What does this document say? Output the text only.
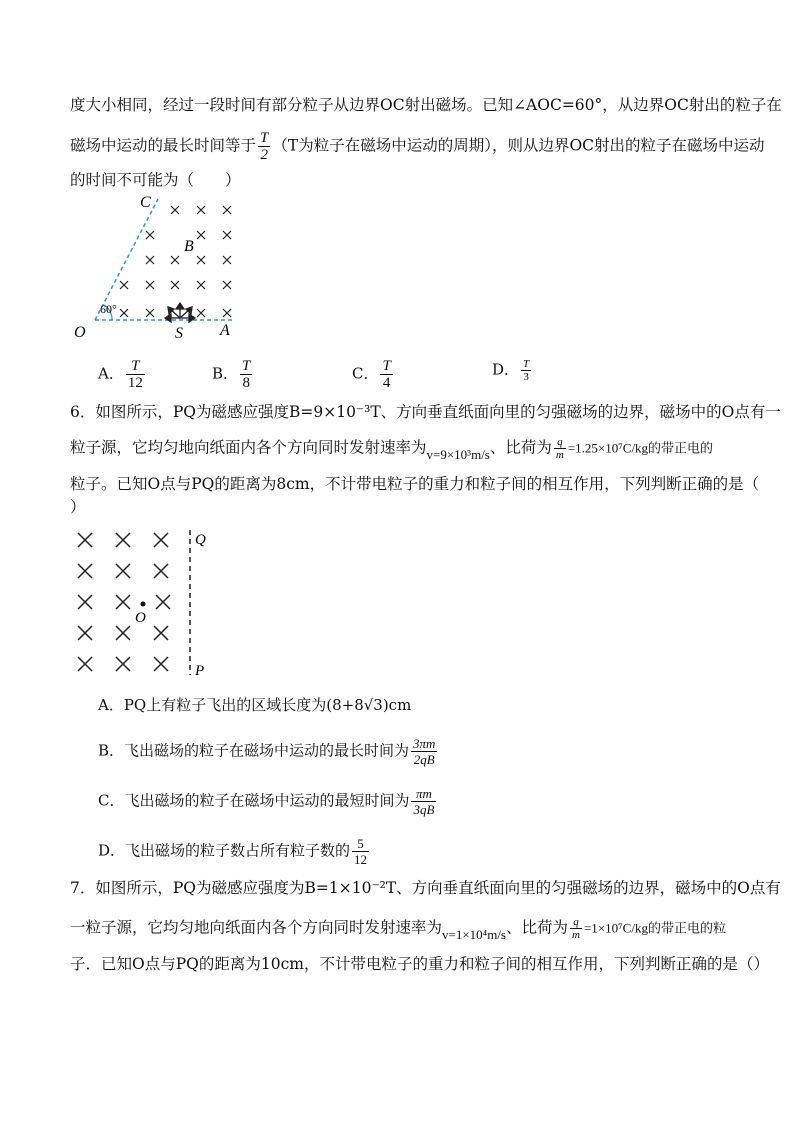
度大小相同，经过一段时间有部分粒子从边界OC射出磁场。已知∠AOC=60°，从边界OC射出的粒子在
磁场中运动的最长时间等于 $\frac{T}{2} (T$为粒子在磁场中运动的周期），则从边界OC射出的粒子在磁场中运动
的时间不可能为（　　）
C
B
O	S A
60°
A． $\frac{T}{12}$	B． $\frac{T}{8}$	C． $\frac{T}{4}$	D． $\frac{T}{3}$
6．如图所示，PQ为磁感应强度B=9×10⁻³T、方向垂直纸面向里的匀强磁场的边界，磁场中的O点有一
粒子源，它均匀地向纸面内各个方向同时发射速率为$_{v=9\times 10^3m/s}$、比荷为 $\frac{q}{m} =1.25\times 10^7C/kg$的带正电的
粒子。已知O点与PQ的距离为8cm，不计带电粒子的重力和粒子间的相互作用，下列判断正确的是（
）
O
Q
P
A．PQ上有粒子飞出的区域长度为(8+8√3)cm
B．飞出磁场的粒子在磁场中运动的最长时间为 $\frac{3\pi m}{2qB}$
C．飞出磁场的粒子在磁场中运动的最短时间为 $\frac{\pi m}{3qB}$
D．飞出磁场的粒子数占所有粒子数的 $\frac{5}{12}$
7．如图所示，PQ为磁感应强度为B=1×10⁻²T、方向垂直纸面向里的匀强磁场的边界，磁场中的O点有
一粒子源，它均匀地向纸面内各个方向同时发射速率为$_{v=1\times 10^4m/s}$、比荷为 $\frac{q}{m} =1\times 10^7C/kg$的带正电的粒
子．已知O点与PQ的距离为10cm，不计带电粒子的重力和粒子间的相互作用，下列判断正确的是（）
